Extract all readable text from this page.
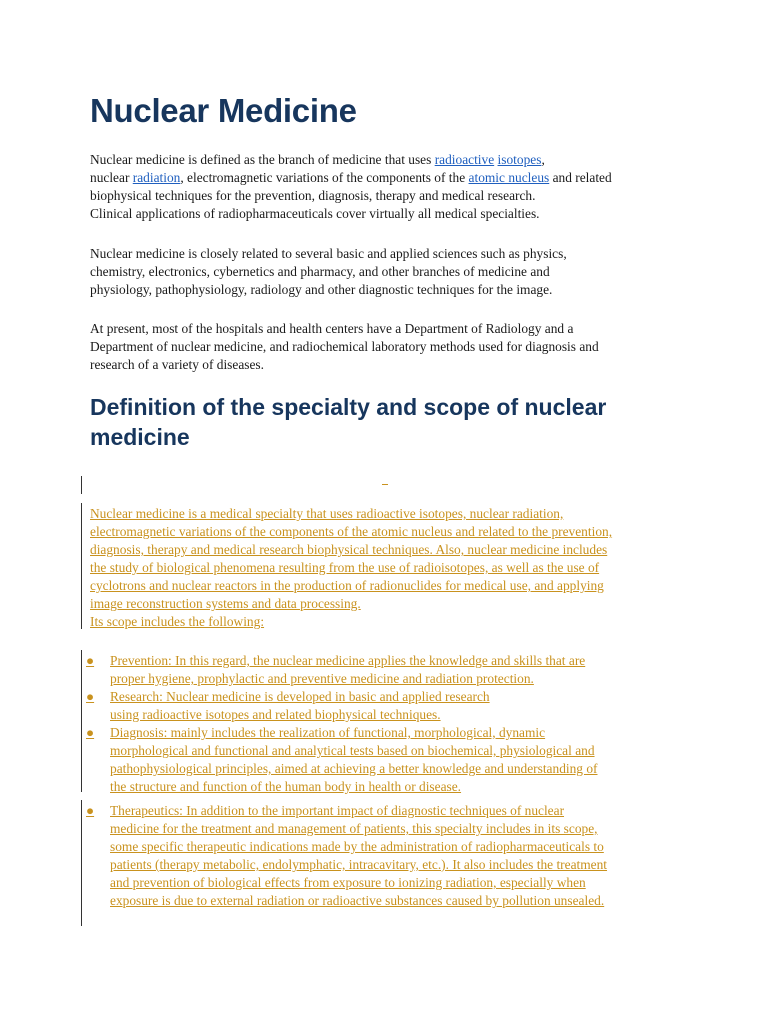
Nuclear Medicine
Nuclear medicine is defined as the branch of medicine that uses radioactive isotopes,
nuclear radiation, electromagnetic variations of the components of the atomic nucleus and related
biophysical techniques for the prevention, diagnosis, therapy and medical research.
Clinical applications of radiopharmaceuticals cover virtually all medical specialties.
Nuclear medicine is closely related to several basic and applied sciences such as physics,
chemistry, electronics, cybernetics and pharmacy, and other branches of medicine and
physiology, pathophysiology, radiology and other diagnostic techniques for the image.
At present, most of the hospitals and health centers have a Department of Radiology and a
Department of nuclear medicine, and radiochemical laboratory methods used for diagnosis and
research of a variety of diseases.
Definition of the specialty and scope of nuclear medicine
Nuclear medicine is a medical specialty that uses radioactive isotopes, nuclear radiation,
electromagnetic variations of the components of the atomic nucleus and related to the prevention,
diagnosis, therapy and medical research biophysical techniques. Also, nuclear medicine includes
the study of biological phenomena resulting from the use of radioisotopes, as well as the use of
cyclotrons and nuclear reactors in the production of radionuclides for medical use, and applying
image reconstruction systems and data processing.
Its scope includes the following:
●	Prevention: In this regard, the nuclear medicine applies the knowledge and skills that are
proper hygiene, prophylactic and preventive medicine and radiation protection.
●	Research: Nuclear medicine is developed in basic and applied research
using radioactive isotopes and related biophysical techniques.
●	Diagnosis: mainly includes the realization of functional, morphological, dynamic
morphological and functional and analytical tests based on biochemical, physiological and
pathophysiological principles, aimed at achieving a better knowledge and understanding of
the structure and function of the human body in health or disease.
●	Therapeutics: In addition to the important impact of diagnostic techniques of nuclear
medicine for the treatment and management of patients, this specialty includes in its scope,
some specific therapeutic indications made by the administration of radiopharmaceuticals to
patients (therapy metabolic, endolymphatic, intracavitary, etc.). It also includes the treatment
and prevention of biological effects from exposure to ionizing radiation, especially when
exposure is due to external radiation or radioactive substances caused by pollution unsealed.
